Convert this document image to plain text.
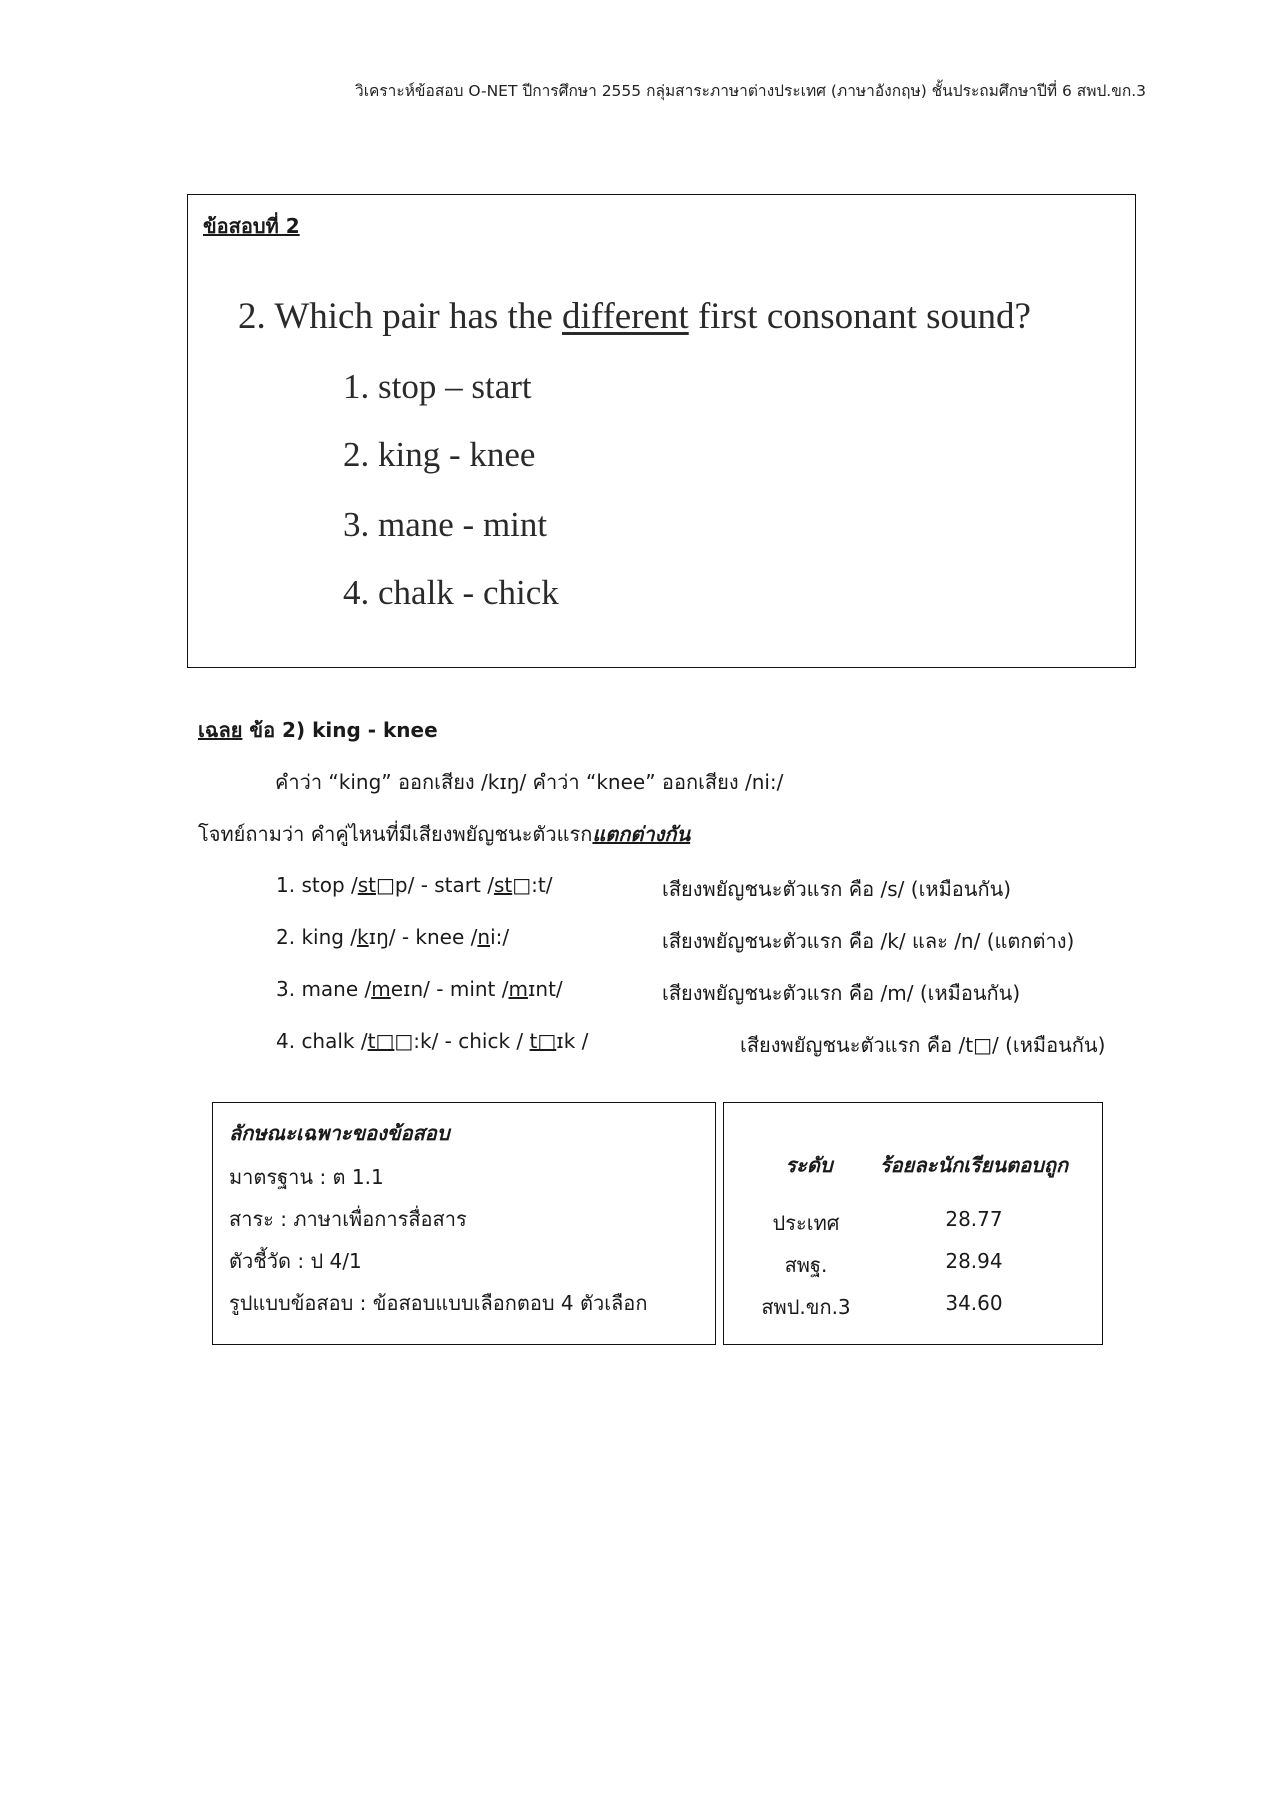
วิเคราะห์ข้อสอบ O-NET ปีการศึกษา 2555 กลุ่มสาระภาษาต่างประเทศ (ภาษาอังกฤษ) ชั้นประถมศึกษาปีที่ 6 สพป.ขก.3
ข้อสอบที่ 2
2. Which pair has the different first consonant sound?
1. stop – start
2. king - knee
3. mane - mint
4. chalk - chick
เฉลย ข้อ 2) king - knee
คำว่า “king” ออกเสียง /kɪŋ/ คำว่า “knee” ออกเสียง /ni:/
โจทย์ถามว่า คำคู่ไหนที่มีเสียงพยัญชนะตัวแรกแตกต่างกัน
1. stop /st□p/ - start /st□:t/	เสียงพยัญชนะตัวแรก คือ /s/ (เหมือนกัน)
2. king /kɪŋ/ - knee /ni:/	เสียงพยัญชนะตัวแรก คือ /k/ และ /n/ (แตกต่าง)
3. mane /meɪn/ - mint /mɪnt/	เสียงพยัญชนะตัวแรก คือ /m/ (เหมือนกัน)
4. chalk /t□□:k/ - chick / t□ɪk /	เสียงพยัญชนะตัวแรก คือ /t□/ (เหมือนกัน)
ลักษณะเฉพาะของข้อสอบ
มาตรฐาน : ต 1.1
สาระ : ภาษาเพื่อการสื่อสาร
ตัวชี้วัด : ป 4/1
รูปแบบข้อสอบ : ข้อสอบแบบเลือกตอบ 4 ตัวเลือก
ระดับ	ร้อยละนักเรียนตอบถูก
ประเทศ	28.77
สพฐ.	28.94
สพป.ขก.3	34.60
